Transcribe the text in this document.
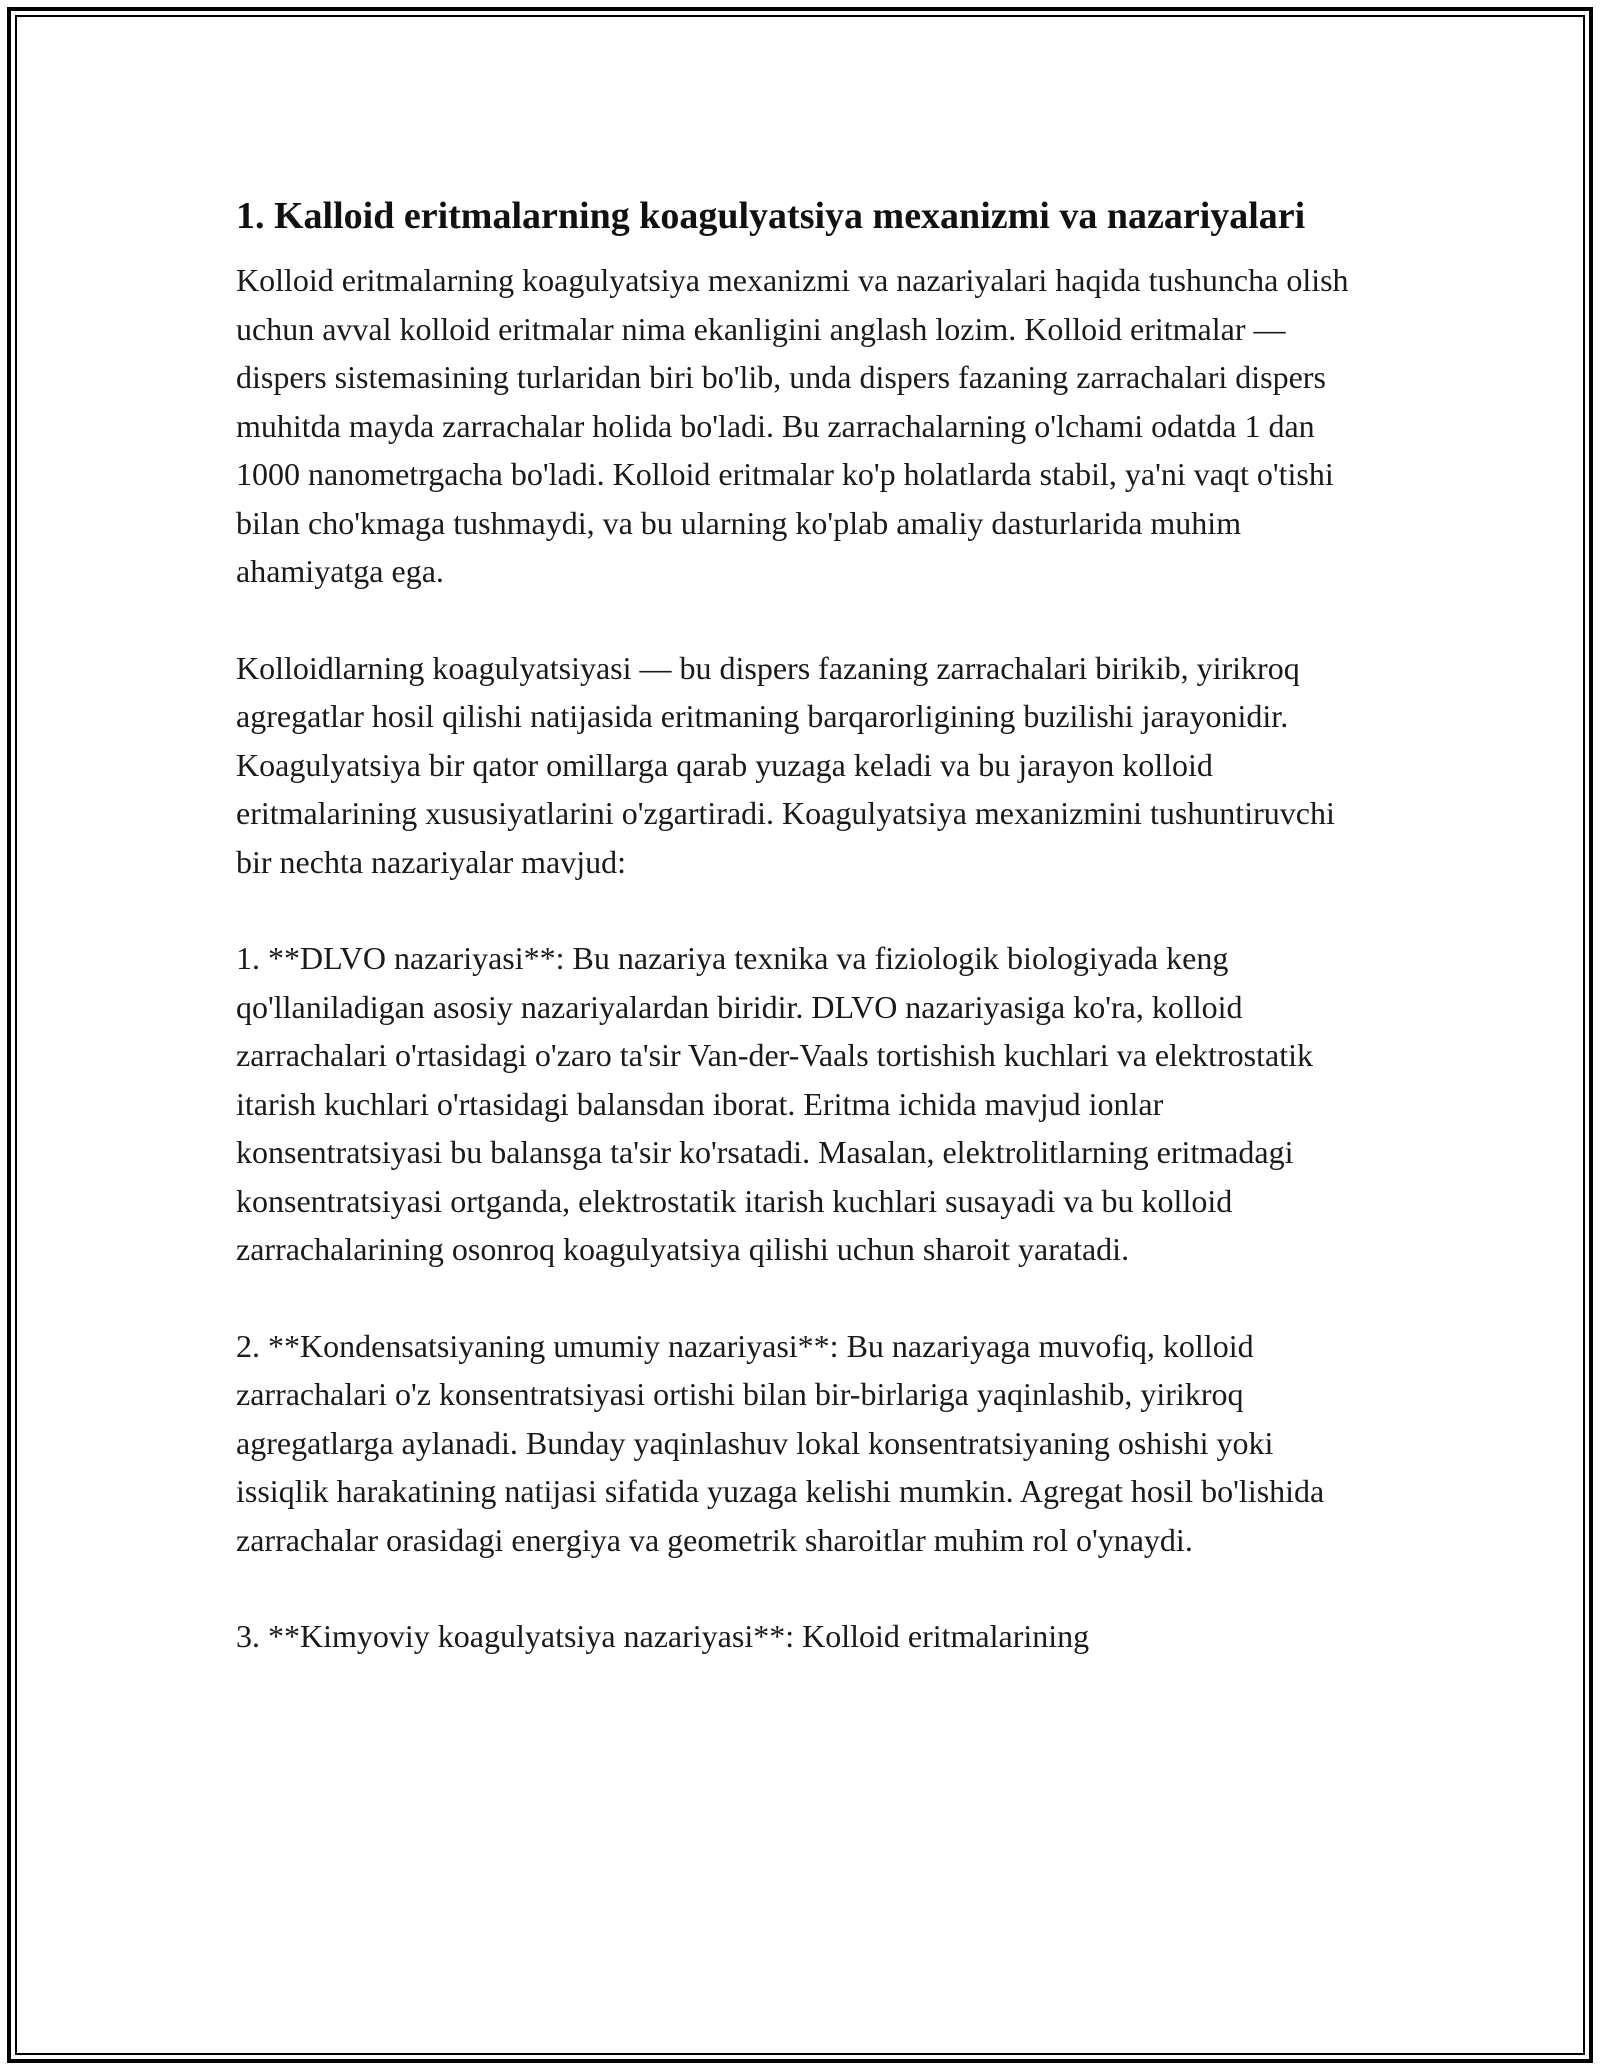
1. Kalloid eritmalarning koagulyatsiya mexanizmi va nazariyalari

Kolloid eritmalarning koagulyatsiya mexanizmi va nazariyalari haqida tushuncha olish uchun avval kolloid eritmalar nima ekanligini anglash lozim. Kolloid eritmalar — dispers sistemasining turlaridan biri bo'lib, unda dispers fazaning zarrachalari dispers muhitda mayda zarrachalar holida bo'ladi. Bu zarrachalarning o'lchami odatda 1 dan 1000 nanometrgacha bo'ladi. Kolloid eritmalar ko'p holatlarda stabil, ya'ni vaqt o'tishi bilan cho'kmaga tushmaydi, va bu ularning ko'plab amaliy dasturlarida muhim ahamiyatga ega.

Kolloidlarning koagulyatsiyasi — bu dispers fazaning zarrachalari birikib, yirikroq agregatlar hosil qilishi natijasida eritmaning barqarorligining buzilishi jarayonidir. Koagulyatsiya bir qator omillarga qarab yuzaga keladi va bu jarayon kolloid eritmalarining xususiyatlarini o'zgartiradi. Koagulyatsiya mexanizmini tushuntiruvchi bir nechta nazariyalar mavjud:

1. **DLVO nazariyasi**: Bu nazariya texnika va fiziologik biologiyada keng qo'llaniladigan asosiy nazariyalardan biridir. DLVO nazariyasiga ko'ra, kolloid zarrachalari o'rtasidagi o'zaro ta'sir Van-der-Vaals tortishish kuchlari va elektrostatik itarish kuchlari o'rtasidagi balansdan iborat. Eritma ichida mavjud ionlar konsentratsiyasi bu balansga ta'sir ko'rsatadi. Masalan, elektrolitlarning eritmadagi konsentratsiyasi ortganda, elektrostatik itarish kuchlari susayadi va bu kolloid zarrachalarining osonroq koagulyatsiya qilishi uchun sharoit yaratadi.

2. **Kondensatsiyaning umumiy nazariyasi**: Bu nazariyaga muvofiq, kolloid zarrachalari o'z konsentratsiyasi ortishi bilan bir-birlariga yaqinlashib, yirikroq agregatlarga aylanadi. Bunday yaqinlashuv lokal konsentratsiyaning oshishi yoki issiqlik harakatining natijasi sifatida yuzaga kelishi mumkin. Agregat hosil bo'lishida zarrachalar orasidagi energiya va geometrik sharoitlar muhim rol o'ynaydi.

3. **Kimyoviy koagulyatsiya nazariyasi**: Kolloid eritmalarining
